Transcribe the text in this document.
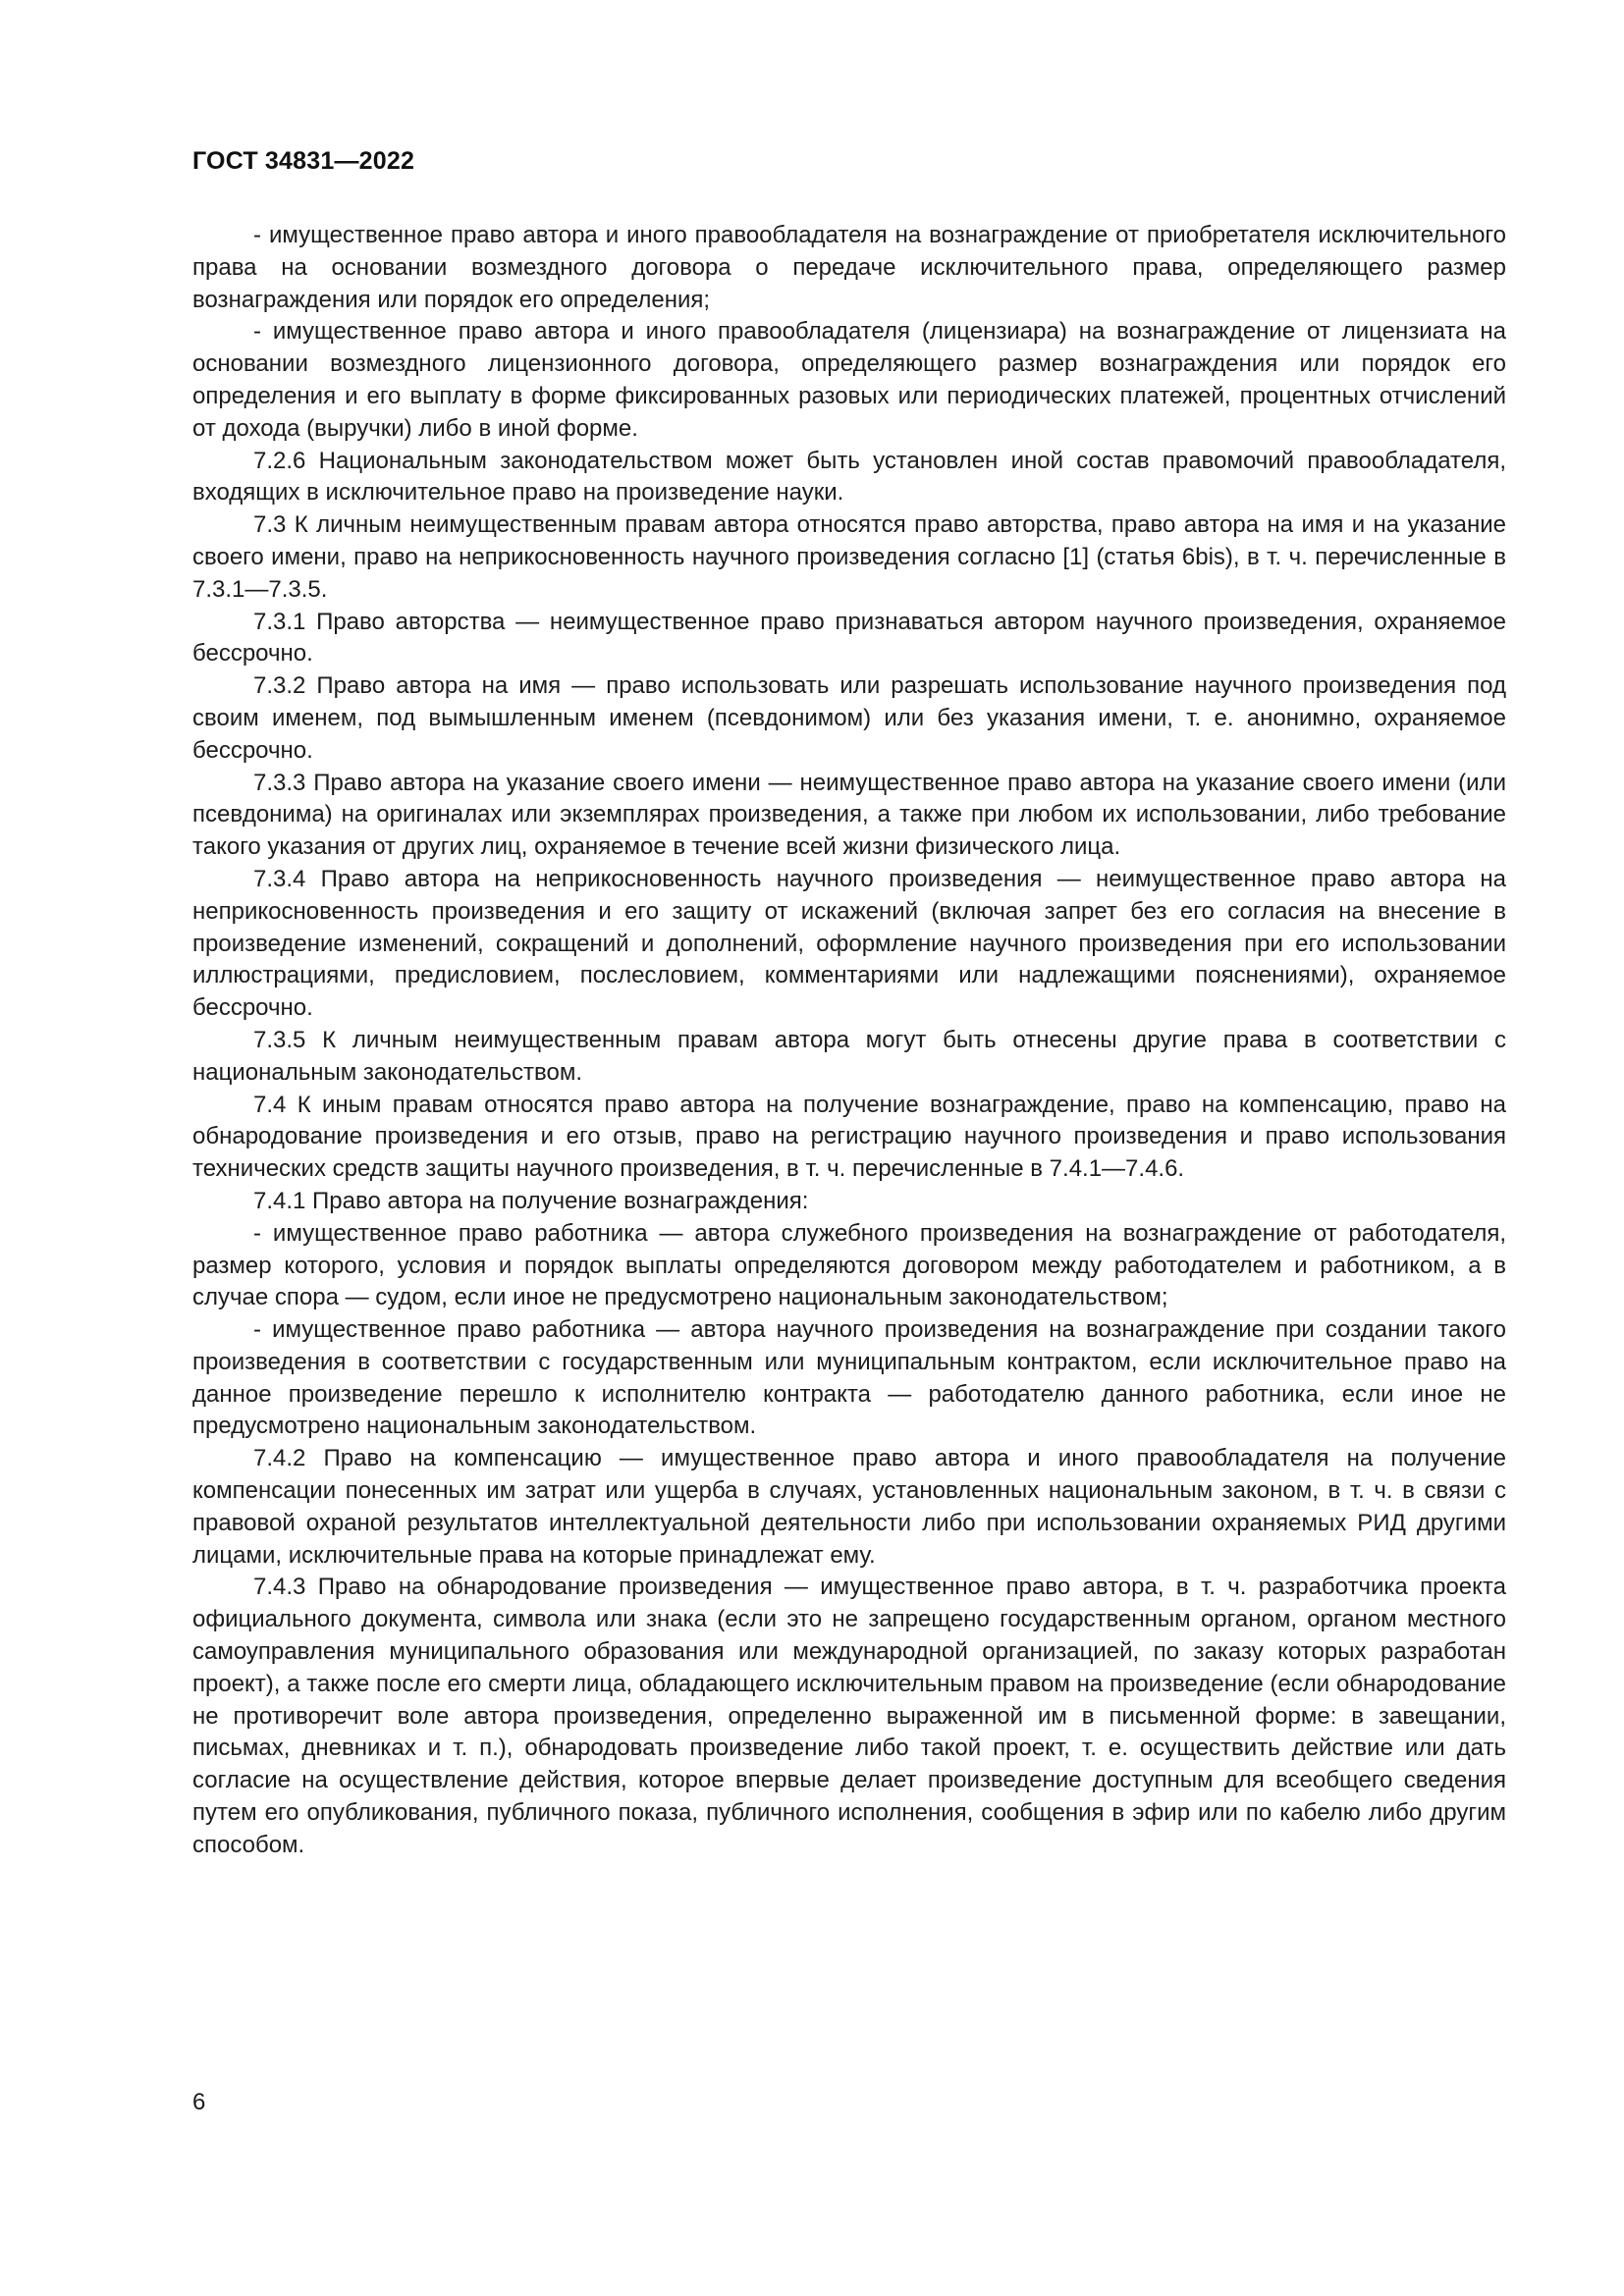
ГОСТ 34831—2022

- имущественное право автора и иного правообладателя на вознаграждение от приобретателя исключительного права на основании возмездного договора о передаче исключительного права, определяющего размер вознаграждения или порядок его определения;

- имущественное право автора и иного правообладателя (лицензиара) на вознаграждение от лицензиата на основании возмездного лицензионного договора, определяющего размер вознаграждения или порядок его определения и его выплату в форме фиксированных разовых или периодических платежей, процентных отчислений от дохода (выручки) либо в иной форме.

7.2.6 Национальным законодательством может быть установлен иной состав правомочий правообладателя, входящих в исключительное право на произведение науки.

7.3 К личным неимущественным правам автора относятся право авторства, право автора на имя и на указание своего имени, право на неприкосновенность научного произведения согласно [1] (статья 6bis), в т. ч. перечисленные в 7.3.1—7.3.5.

7.3.1 Право авторства — неимущественное право признаваться автором научного произведения, охраняемое бессрочно.

7.3.2 Право автора на имя — право использовать или разрешать использование научного произведения под своим именем, под вымышленным именем (псевдонимом) или без указания имени, т. е. анонимно, охраняемое бессрочно.

7.3.3 Право автора на указание своего имени — неимущественное право автора на указание своего имени (или псевдонима) на оригиналах или экземплярах произведения, а также при любом их использовании, либо требование такого указания от других лиц, охраняемое в течение всей жизни физического лица.

7.3.4 Право автора на неприкосновенность научного произведения — неимущественное право автора на неприкосновенность произведения и его защиту от искажений (включая запрет без его согласия на внесение в произведение изменений, сокращений и дополнений, оформление научного произведения при его использовании иллюстрациями, предисловием, послесловием, комментариями или надлежащими пояснениями), охраняемое бессрочно.

7.3.5 К личным неимущественным правам автора могут быть отнесены другие права в соответствии с национальным законодательством.

7.4 К иным правам относятся право автора на получение вознаграждение, право на компенсацию, право на обнародование произведения и его отзыв, право на регистрацию научного произведения и право использования технических средств защиты научного произведения, в т. ч. перечисленные в 7.4.1—7.4.6.

7.4.1 Право автора на получение вознаграждения:

- имущественное право работника — автора служебного произведения на вознаграждение от работодателя, размер которого, условия и порядок выплаты определяются договором между работодателем и работником, а в случае спора — судом, если иное не предусмотрено национальным законодательством;

- имущественное право работника — автора научного произведения на вознаграждение при создании такого произведения в соответствии с государственным или муниципальным контрактом, если исключительное право на данное произведение перешло к исполнителю контракта — работодателю данного работника, если иное не предусмотрено национальным законодательством.

7.4.2 Право на компенсацию — имущественное право автора и иного правообладателя на получение компенсации понесенных им затрат или ущерба в случаях, установленных национальным законом, в т. ч. в связи с правовой охраной результатов интеллектуальной деятельности либо при использовании охраняемых РИД другими лицами, исключительные права на которые принадлежат ему.

7.4.3 Право на обнародование произведения — имущественное право автора, в т. ч. разработчика проекта официального документа, символа или знака (если это не запрещено государственным органом, органом местного самоуправления муниципального образования или международной организацией, по заказу которых разработан проект), а также после его смерти лица, обладающего исключительным правом на произведение (если обнародование не противоречит воле автора произведения, определенно выраженной им в письменной форме: в завещании, письмах, дневниках и т. п.), обнародовать произведение либо такой проект, т. е. осуществить действие или дать согласие на осуществление действия, которое впервые делает произведение доступным для всеобщего сведения путем его опубликования, публичного показа, публичного исполнения, сообщения в эфир или по кабелю либо другим способом.

6
